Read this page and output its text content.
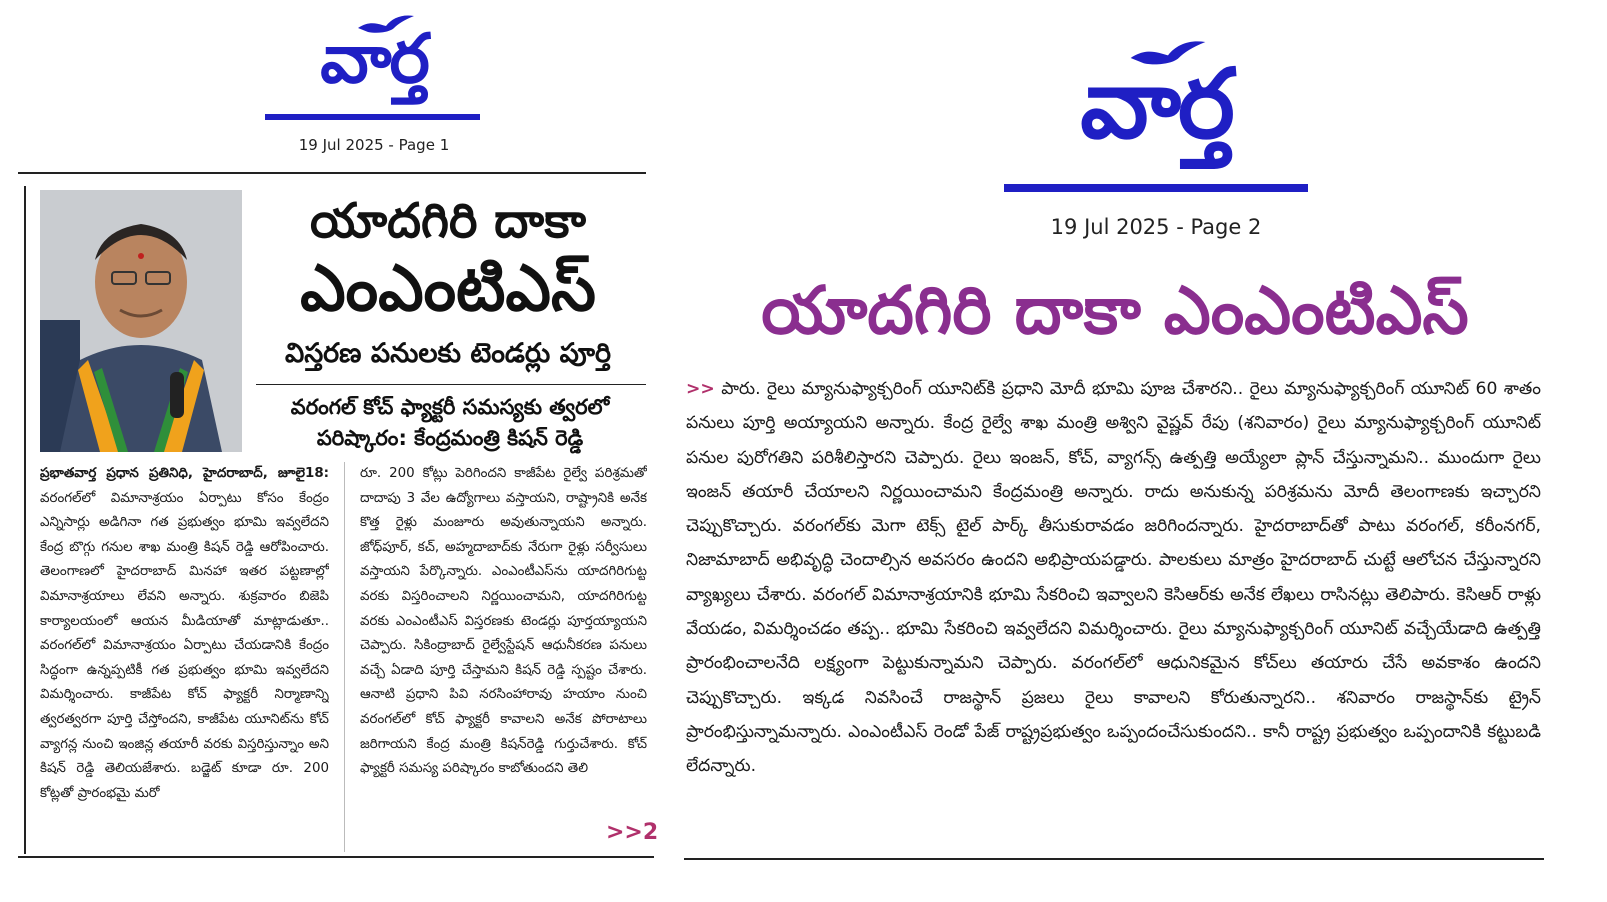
వార్త
19 Jul 2025 - Page 1
యాదగిరి దాకా
ఎంఎంటిఎస్
విస్తరణ పనులకు టెండర్లు పూర్తి
వరంగల్ కోచ్ ఫ్యాక్టరీ సమస్యకు త్వరలో పరిష్కారం: కేంద్రమంత్రి కిషన్ రెడ్డి
ప్రభాతవార్త ప్రధాన ప్రతినిధి, హైదరాబాద్, జూలై18: వరంగల్‌లో విమానాశ్రయం ఏర్పాటు కోసం కేంద్రం ఎన్నిసార్లు అడిగినా గత ప్రభుత్వం భూమి ఇవ్వలేదని కేంద్ర బొగ్గు గనుల శాఖ మంత్రి కిషన్ రెడ్డి ఆరోపించారు. తెలంగాణలో హైదరాబాద్ మినహా ఇతర పట్టణాల్లో విమానాశ్రయాలు లేవని అన్నారు. శుక్రవారం బిజెపి కార్యాలయంలో ఆయన మీడియాతో మాట్లాడుతూ.. వరంగల్‌లో విమానాశ్రయం ఏర్పాటు చేయడానికి కేంద్రం సిద్ధంగా ఉన్నప్పటికీ గత ప్రభుత్వం భూమి ఇవ్వలేదని విమర్శించారు. కాజీపేట కోచ్ ఫ్యాక్టరీ నిర్మాణాన్ని త్వరత్వరగా పూర్తి చేస్తోందని, కాజీపేట యూనిట్‌ను కోచ్ వ్యాగన్ల నుంచి ఇంజిన్ల తయారీ వరకు విస్తరిస్తున్నాం అని కిషన్ రెడ్డి తెలియజేశారు. బడ్జెట్ కూడా రూ. 200 కోట్లతో ప్రారంభమై మరో
రూ. 200 కోట్లు పెరిగిందని కాజీపేట రైల్వే పరిశ్రమతో దాదాపు 3 వేల ఉద్యోగాలు వస్తాయని, రాష్ట్రానికి అనేక కొత్త రైళ్లు మంజూరు అవుతున్నాయని అన్నారు. జోధ్‌పూర్, కచ్, అహ్మదాబాద్‌కు నేరుగా రైళ్లు సర్వీసులు వస్తాయని పేర్కొన్నారు. ఎంఎంటీఎస్‌ను యాదగిరిగుట్ట వరకు విస్తరించాలని నిర్ణయించామని, యాదగిరిగుట్ట వరకు ఎంఎంటీఎస్ విస్తరణకు టెండర్లు పూర్తయ్యాయని చెప్పారు. సికింద్రాబాద్ రైల్వేస్టేషన్ ఆధునీకరణ పనులు వచ్చే ఏడాది పూర్తి చేస్తామని కిషన్ రెడ్డి స్పష్టం చేశారు. ఆనాటి ప్రధాని పివి నరసింహారావు హయాం నుంచి వరంగల్‌లో కోచ్ ఫ్యాక్టరీ కావాలని అనేక పోరాటాలు జరిగాయని కేంద్ర మంత్రి కిషన్‌రెడ్డి గుర్తుచేశారు. కోచ్ ఫ్యాక్టరీ సమస్య పరిష్కారం కాబోతుందని తెలి
>>2
వార్త
19 Jul 2025 - Page 2
యాదగిరి దాకా ఎంఎంటిఎస్
>> పారు. రైలు మ్యానుఫ్యాక్చరింగ్ యూనిట్‌కి ప్రధాని మోదీ భూమి పూజ చేశారని.. రైలు మ్యానుఫ్యాక్చరింగ్ యూనిట్ 60 శాతం పనులు పూర్తి అయ్యాయని అన్నారు. కేంద్ర రైల్వే శాఖ మంత్రి అశ్విని వైష్ణవ్ రేపు (శనివారం) రైలు మ్యానుఫ్యాక్చరింగ్ యూనిట్ పనుల పురోగతిని పరిశీలిస్తారని చెప్పారు. రైలు ఇంజన్, కోచ్, వ్యాగన్స్ ఉత్పత్తి అయ్యేలా ప్లాన్ చేస్తున్నామని.. ముందుగా రైలు ఇంజన్ తయారీ చేయాలని నిర్ణయించామని కేంద్రమంత్రి అన్నారు. రాదు అనుకున్న పరిశ్రమను మోదీ తెలంగాణకు ఇచ్చారని చెప్పుకొచ్చారు. వరంగల్‌కు మెగా టెక్స్ టైల్ పార్క్ తీసుకురావడం జరిగిందన్నారు. హైదరాబాద్‌తో పాటు వరంగల్, కరీంనగర్, నిజామాబాద్ అభివృద్ధి చెందాల్సిన అవసరం ఉందని అభిప్రాయపడ్డారు. పాలకులు మాత్రం హైదరాబాద్ చుట్టే ఆలోచన చేస్తున్నారని వ్యాఖ్యలు చేశారు. వరంగల్ విమానాశ్రయానికి భూమి సేకరించి ఇవ్వాలని కెసిఆర్‌కు అనేక లేఖలు రాసినట్లు తెలిపారు. కెసిఆర్ రాళ్లు వేయడం, విమర్శించడం తప్ప.. భూమి సేకరించి ఇవ్వలేదని విమర్శించారు. రైలు మ్యానుఫ్యాక్చరింగ్ యూనిట్ వచ్చేయేడాది ఉత్పత్తి ప్రారంభించాలనేది లక్ష్యంగా పెట్టుకున్నామని చెప్పారు. వరంగల్‌లో ఆధునికమైన కోచ్‌లు తయారు చేసే అవకాశం ఉందని చెప్పుకొచ్చారు. ఇక్కడ నివసించే రాజస్థాన్ ప్రజలు రైలు కావాలని కోరుతున్నారని.. శనివారం రాజస్థాన్‌కు ట్రైన్ ప్రారంభిస్తున్నామన్నారు. ఎంఎంటీఎస్ రెండో పేజ్ రాష్ట్రప్రభుత్వం ఒప్పందంచేసుకుందని.. కానీ రాష్ట్ర ప్రభుత్వం ఒప్పందానికి కట్టుబడి లేదన్నారు.
